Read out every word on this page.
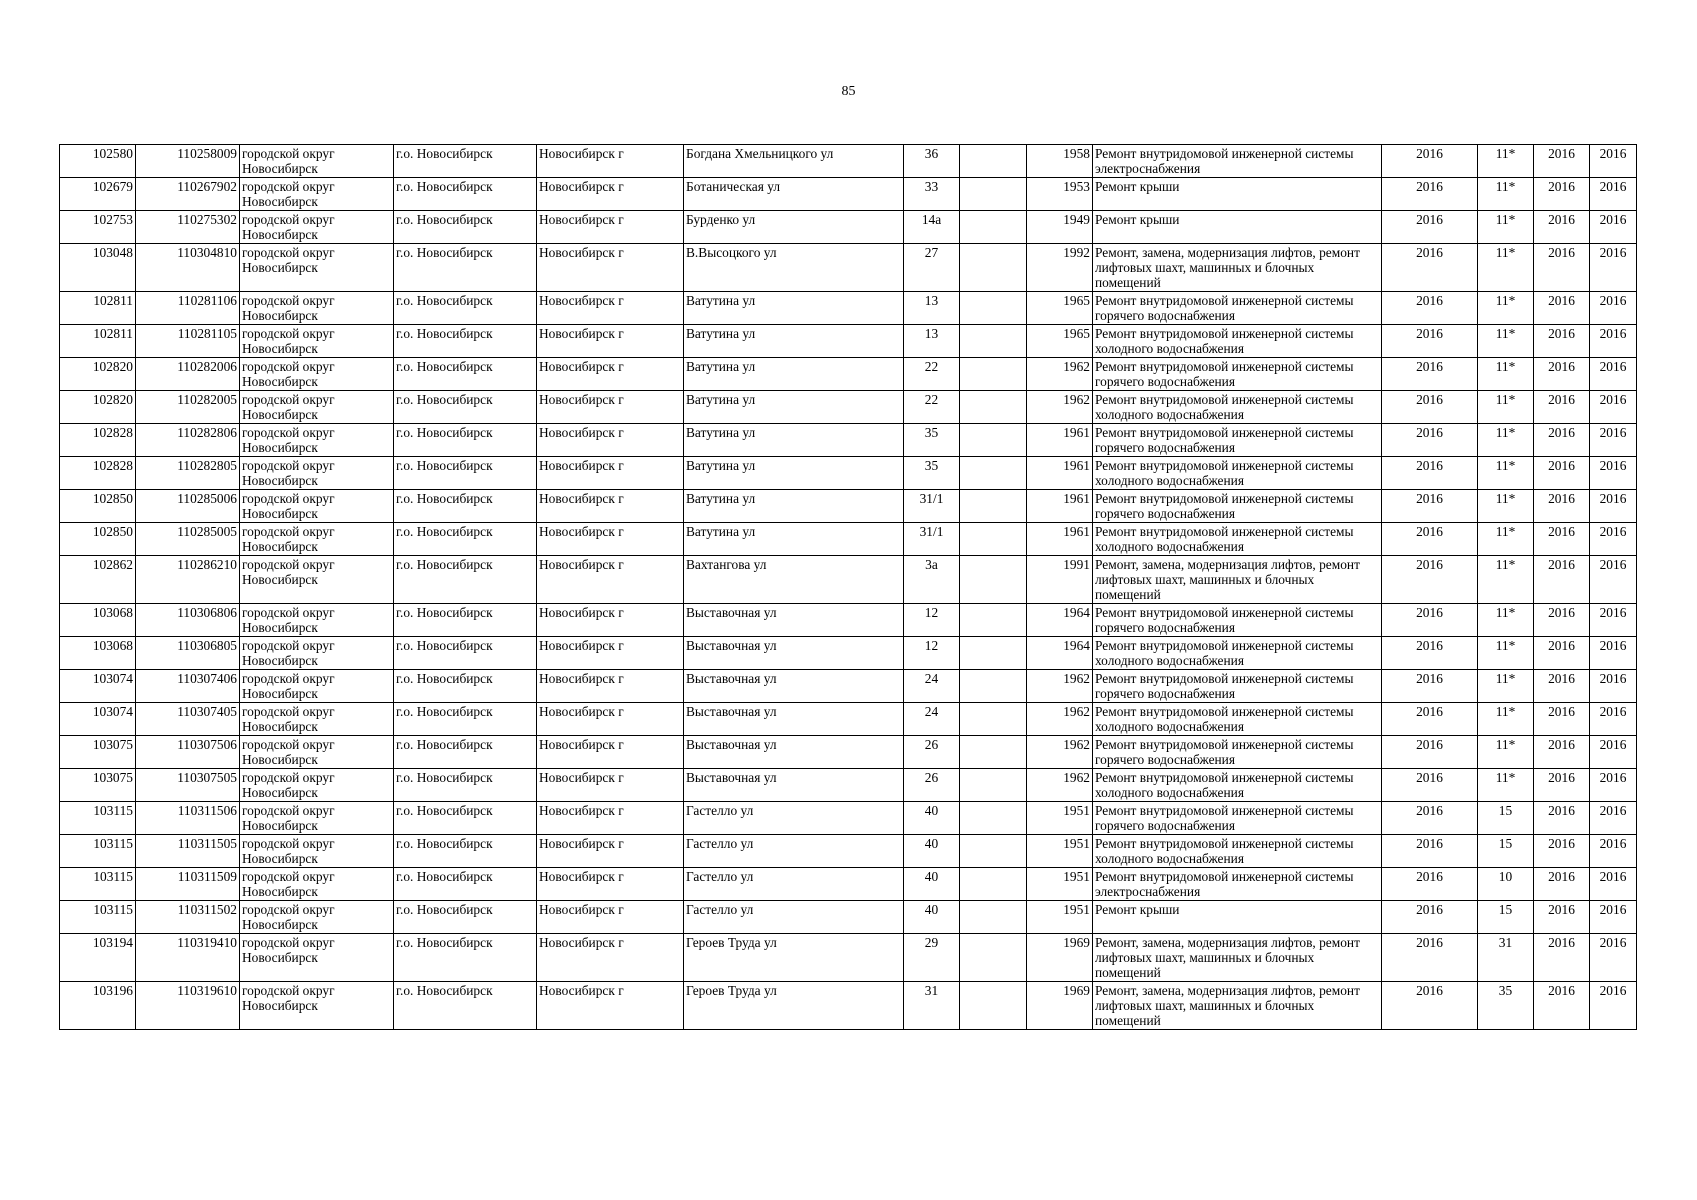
85
102580	110258009	городской округ Новосибирск	г.о. Новосибирск	Новосибирск г	Богдана Хмельницкого ул	36		1958	Ремонт внутридомовой инженерной системы электроснабжения	2016	11*	2016	2016
102679	110267902	городской округ Новосибирск	г.о. Новосибирск	Новосибирск г	Ботаническая ул	33		1953	Ремонт крыши	2016	11*	2016	2016
102753	110275302	городской округ Новосибирск	г.о. Новосибирск	Новосибирск г	Бурденко ул	14а		1949	Ремонт крыши	2016	11*	2016	2016
103048	110304810	городской округ Новосибирск	г.о. Новосибирск	Новосибирск г	В.Высоцкого ул	27		1992	Ремонт, замена, модернизация лифтов, ремонт лифтовых шахт, машинных и блочных помещений	2016	11*	2016	2016
102811	110281106	городской округ Новосибирск	г.о. Новосибирск	Новосибирск г	Ватутина ул	13		1965	Ремонт внутридомовой инженерной системы горячего водоснабжения	2016	11*	2016	2016
102811	110281105	городской округ Новосибирск	г.о. Новосибирск	Новосибирск г	Ватутина ул	13		1965	Ремонт внутридомовой инженерной системы холодного водоснабжения	2016	11*	2016	2016
102820	110282006	городской округ Новосибирск	г.о. Новосибирск	Новосибирск г	Ватутина ул	22		1962	Ремонт внутридомовой инженерной системы горячего водоснабжения	2016	11*	2016	2016
102820	110282005	городской округ Новосибирск	г.о. Новосибирск	Новосибирск г	Ватутина ул	22		1962	Ремонт внутридомовой инженерной системы холодного водоснабжения	2016	11*	2016	2016
102828	110282806	городской округ Новосибирск	г.о. Новосибирск	Новосибирск г	Ватутина ул	35		1961	Ремонт внутридомовой инженерной системы горячего водоснабжения	2016	11*	2016	2016
102828	110282805	городской округ Новосибирск	г.о. Новосибирск	Новосибирск г	Ватутина ул	35		1961	Ремонт внутридомовой инженерной системы холодного водоснабжения	2016	11*	2016	2016
102850	110285006	городской округ Новосибирск	г.о. Новосибирск	Новосибирск г	Ватутина ул	31/1		1961	Ремонт внутридомовой инженерной системы горячего водоснабжения	2016	11*	2016	2016
102850	110285005	городской округ Новосибирск	г.о. Новосибирск	Новосибирск г	Ватутина ул	31/1		1961	Ремонт внутридомовой инженерной системы холодного водоснабжения	2016	11*	2016	2016
102862	110286210	городской округ Новосибирск	г.о. Новосибирск	Новосибирск г	Вахтангова ул	3а		1991	Ремонт, замена, модернизация лифтов, ремонт лифтовых шахт, машинных и блочных помещений	2016	11*	2016	2016
103068	110306806	городской округ Новосибирск	г.о. Новосибирск	Новосибирск г	Выставочная ул	12		1964	Ремонт внутридомовой инженерной системы горячего водоснабжения	2016	11*	2016	2016
103068	110306805	городской округ Новосибирск	г.о. Новосибирск	Новосибирск г	Выставочная ул	12		1964	Ремонт внутридомовой инженерной системы холодного водоснабжения	2016	11*	2016	2016
103074	110307406	городской округ Новосибирск	г.о. Новосибирск	Новосибирск г	Выставочная ул	24		1962	Ремонт внутридомовой инженерной системы горячего водоснабжения	2016	11*	2016	2016
103074	110307405	городской округ Новосибирск	г.о. Новосибирск	Новосибирск г	Выставочная ул	24		1962	Ремонт внутридомовой инженерной системы холодного водоснабжения	2016	11*	2016	2016
103075	110307506	городской округ Новосибирск	г.о. Новосибирск	Новосибирск г	Выставочная ул	26		1962	Ремонт внутридомовой инженерной системы горячего водоснабжения	2016	11*	2016	2016
103075	110307505	городской округ Новосибирск	г.о. Новосибирск	Новосибирск г	Выставочная ул	26		1962	Ремонт внутридомовой инженерной системы холодного водоснабжения	2016	11*	2016	2016
103115	110311506	городской округ Новосибирск	г.о. Новосибирск	Новосибирск г	Гастелло ул	40		1951	Ремонт внутридомовой инженерной системы горячего водоснабжения	2016	15	2016	2016
103115	110311505	городской округ Новосибирск	г.о. Новосибирск	Новосибирск г	Гастелло ул	40		1951	Ремонт внутридомовой инженерной системы холодного водоснабжения	2016	15	2016	2016
103115	110311509	городской округ Новосибирск	г.о. Новосибирск	Новосибирск г	Гастелло ул	40		1951	Ремонт внутридомовой инженерной системы электроснабжения	2016	10	2016	2016
103115	110311502	городской округ Новосибирск	г.о. Новосибирск	Новосибирск г	Гастелло ул	40		1951	Ремонт крыши	2016	15	2016	2016
103194	110319410	городской округ Новосибирск	г.о. Новосибирск	Новосибирск г	Героев Труда ул	29		1969	Ремонт, замена, модернизация лифтов, ремонт лифтовых шахт, машинных и блочных помещений	2016	31	2016	2016
103196	110319610	городской округ Новосибирск	г.о. Новосибирск	Новосибирск г	Героев Труда ул	31		1969	Ремонт, замена, модернизация лифтов, ремонт лифтовых шахт, машинных и блочных помещений	2016	35	2016	2016
